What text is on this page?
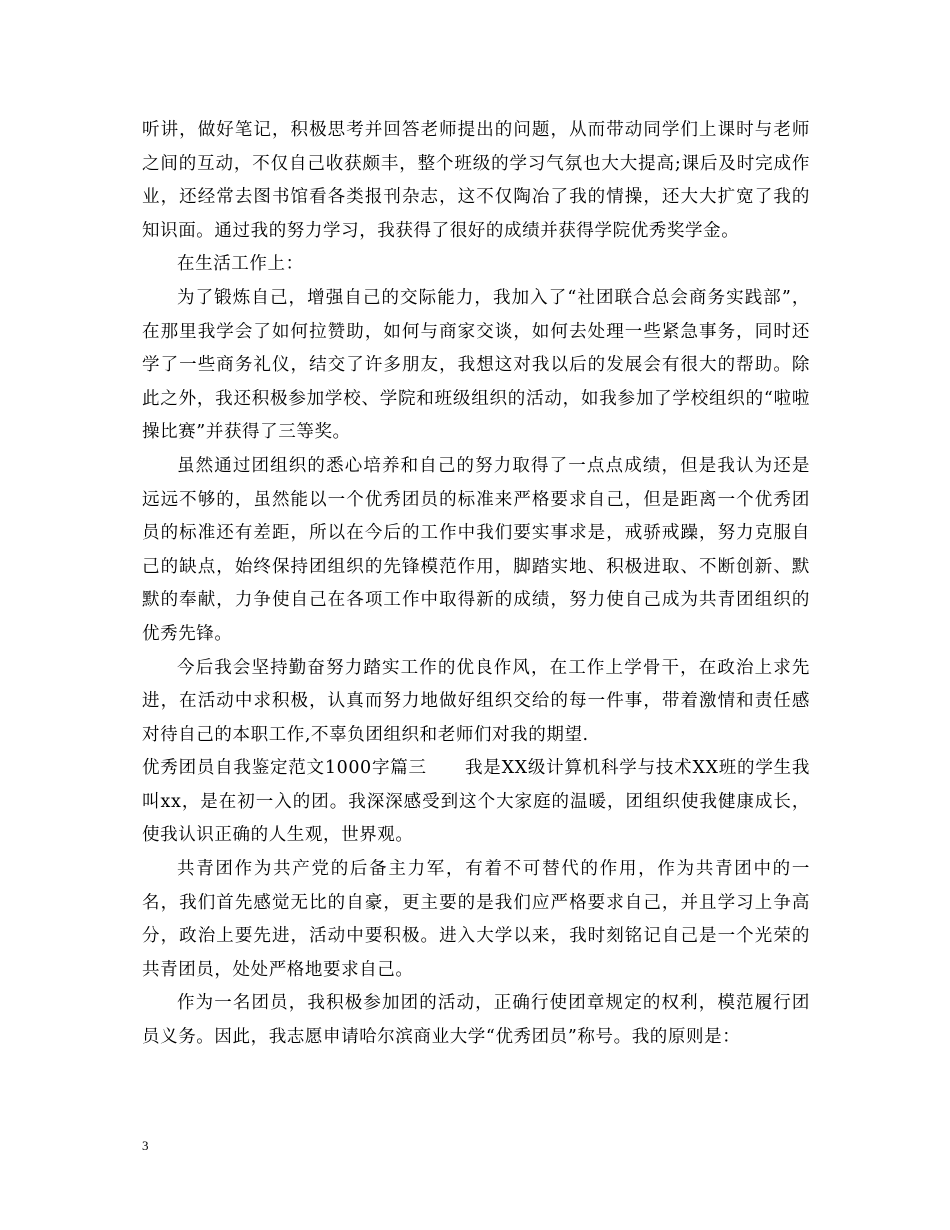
听讲，做好笔记，积极思考并回答老师提出的问题，从而带动同学们上课时与老师之间的互动，不仅自己收获颇丰，整个班级的学习气氛也大大提高;课后及时完成作业，还经常去图书馆看各类报刊杂志，这不仅陶冶了我的情操，还大大扩宽了我的知识面。通过我的努力学习，我获得了很好的成绩并获得学院优秀奖学金。

在生活工作上：

为了锻炼自己，增强自己的交际能力，我加入了“社团联合总会商务实践部”，在那里我学会了如何拉赞助，如何与商家交谈，如何去处理一些紧急事务，同时还学了一些商务礼仪，结交了许多朋友，我想这对我以后的发展会有很大的帮助。除此之外，我还积极参加学校、学院和班级组织的活动，如我参加了学校组织的“啦啦操比赛”并获得了三等奖。

虽然通过团组织的悉心培养和自己的努力取得了一点点成绩，但是我认为还是远远不够的，虽然能以一个优秀团员的标准来严格要求自己，但是距离一个优秀团员的标准还有差距，所以在今后的工作中我们要实事求是，戒骄戒躁，努力克服自己的缺点，始终保持团组织的先锋模范作用，脚踏实地、积极进取、不断创新、默默的奉献，力争使自己在各项工作中取得新的成绩，努力使自己成为共青团组织的优秀先锋。

今后我会坚持勤奋努力踏实工作的优良作风，在工作上学骨干，在政治上求先进，在活动中求积极，认真而努力地做好组织交给的每一件事，带着激情和责任感对待自己的本职工作,不辜负团组织和老师们对我的期望.

优秀团员自我鉴定范文1000字篇三 我是XX级计算机科学与技术XX班的学生我叫xx，是在初一入的团。我深深感受到这个大家庭的温暖，团组织使我健康成长，使我认识正确的人生观，世界观。

共青团作为共产党的后备主力军，有着不可替代的作用，作为共青团中的一名，我们首先感觉无比的自豪，更主要的是我们应严格要求自己，并且学习上争高分，政治上要先进，活动中要积极。进入大学以来，我时刻铭记自己是一个光荣的共青团员，处处严格地要求自己。

作为一名团员，我积极参加团的活动，正确行使团章规定的权利，模范履行团员义务。因此，我志愿申请哈尔滨商业大学“优秀团员”称号。我的原则是：

3
